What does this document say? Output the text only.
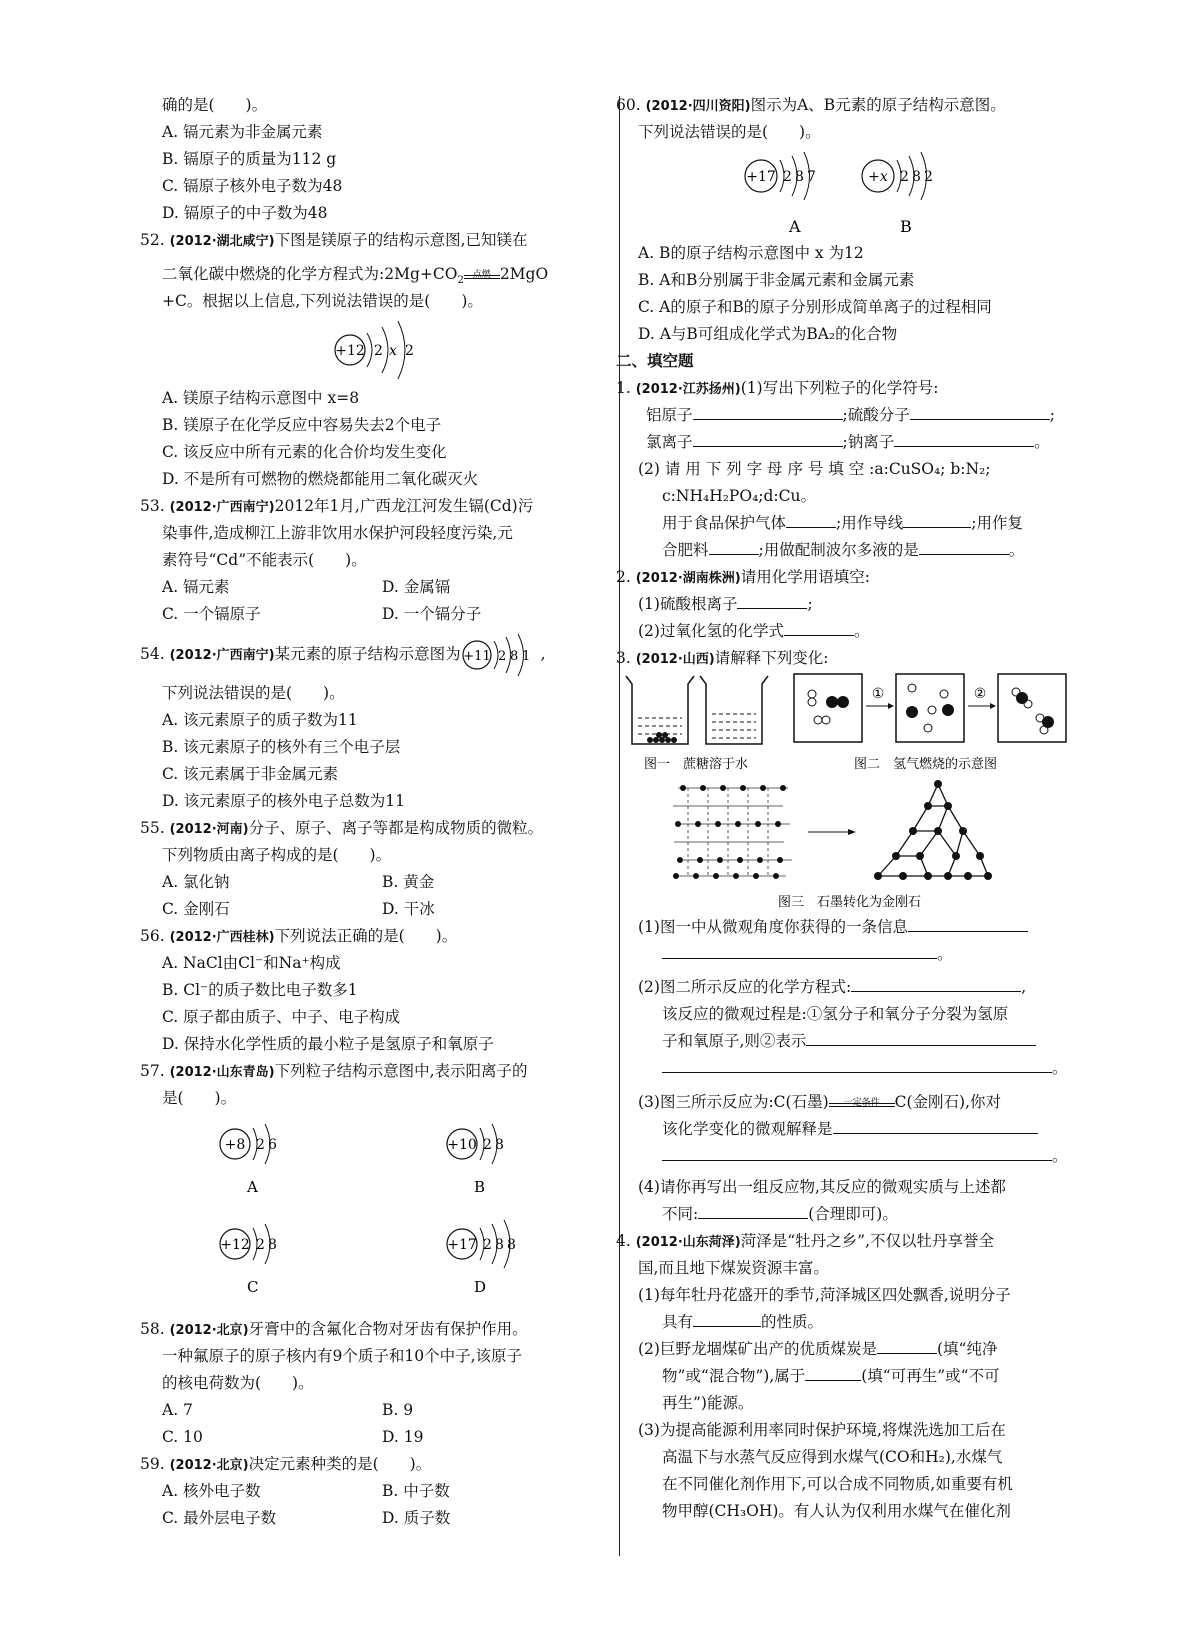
确的是(　　)。
A. 镉元素为非金属元素
B. 镉原子的质量为112 g
C. 镉原子核外电子数为48
D. 镉原子的中子数为48
52. (2012·湖北咸宁)下图是镁原子的结构示意图,已知镁在
二氧化碳中燃烧的化学方程式为$:2Mg+CO_2$
点燃 2MgO
+C。根据以上信息,下列说法错误的是(　　)。
+12 2 x 2
A. 镁原子结构示意图中 x=8
B. 镁原子在化学反应中容易失去2个电子
C. 该反应中所有元素的化合价均发生变化
D. 不是所有可燃物的燃烧都能用二氧化碳灭火
53. (2012·广西南宁)2012年1月,广西龙江河发生镉(Cd)污
染事件,造成柳江上游非饮用水保护河段轻度污染,元
素符号“Cd”不能表示(　　)。
A. 镉元素	D. 金属镉
C. 一个镉原子	D. 一个镉分子
54. (2012·广西南宁)某元素的原子结构示意图为 +11 2 8 1 ,
下列说法错误的是(　　)。
A. 该元素原子的质子数为11
B. 该元素原子的核外有三个电子层
C. 该元素属于非金属元素
D. 该元素原子的核外电子总数为11
55. (2012·河南)分子、原子、离子等都是构成物质的微粒。
下列物质由离子构成的是(　　)。
A. 氯化钠	B. 黄金
C. 金刚石	D. 干冰
56. (2012·广西桂林)下列说法正确的是(　　)。
A. NaCl由Cl⁻和Na⁺构成
B. Cl⁻的质子数比电子数多1
C. 原子都由质子、中子、电子构成
D. 保持水化学性质的最小粒子是氢原子和氧原子
57. (2012·山东青岛)下列粒子结构示意图中,表示阳离子的
是(　　)。
+8 2 6
A
+10 2 8
B
+12 2 8
C
+17 2 8 8
D
58. (2012·北京)牙膏中的含氟化合物对牙齿有保护作用。
一种氟原子的原子核内有9个质子和10个中子,该原子
的核电荷数为(　　)。
A. 7	B. 9
C. 10	D. 19
59. (2012·北京)决定元素种类的是(　　)。
A. 核外电子数	B. 中子数
C. 最外层电子数	D. 质子数
60. (2012·四川资阳)图示为A、B元素的原子结构示意图。
下列说法错误的是(　　)。
+17 2 8 7
A
+x 2 8 2
B
A. B的原子结构示意图中 x 为12
B. A和B分别属于非金属元素和金属元素
C. A的原子和B的原子分别形成简单离子的过程相同
D. A与B可组成化学式为BA₂的化合物
二、填空题
1. (2012·江苏扬州)(1)写出下列粒子的化学符号:
铝原子	;硫酸分子	;
氯离子	;钠离子	。
(2) 请 用 下 列 字 母 序 号 填 空 :a:CuSO₄; b:N₂;
c:NH₄H₂PO₄;d:Cu。
用于食品保护气体	;用作导线	;用作复
合肥料	;用做配制波尔多液的是	。
2. (2012·湖南株洲)请用化学用语填空:
(1)硫酸根离子	;
(2)过氧化氢的化学式	。
3. (2012·山西)请解释下列变化:
①	②
图一　蔗糖溶于水	图二　氢气燃烧的示意图

图三　石墨转化为金刚石
(1)图一中从微观角度你获得的一条信息
。
(2)图二所示反应的化学方程式:	,
该反应的微观过程是:①氢分子和氧分子分裂为氢原
子和氧原子,则②表示
。
(3)图三所示反应为:C(石墨)	一定条件 C(金刚石),你对
该化学变化的微观解释是
。
(4)请你再写出一组反应物,其反应的微观实质与上述都
不同:	(合理即可)。
4. (2012·山东菏泽)菏泽是“牡丹之乡”,不仅以牡丹享誉全
国,而且地下煤炭资源丰富。
(1)每年牡丹花盛开的季节,菏泽城区四处飘香,说明分子
具有	的性质。
(2)巨野龙堌煤矿出产的优质煤炭是	(填“纯净
物”或“混合物”),属于	(填“可再生”或“不可
再生”)能源。
(3)为提高能源利用率同时保护环境,将煤洗选加工后在
高温下与水蒸气反应得到水煤气(CO和H₂),水煤气
在不同催化剂作用下,可以合成不同物质,如重要有机
物甲醇(CH₃OH)。有人认为仅利用水煤气在催化剂
